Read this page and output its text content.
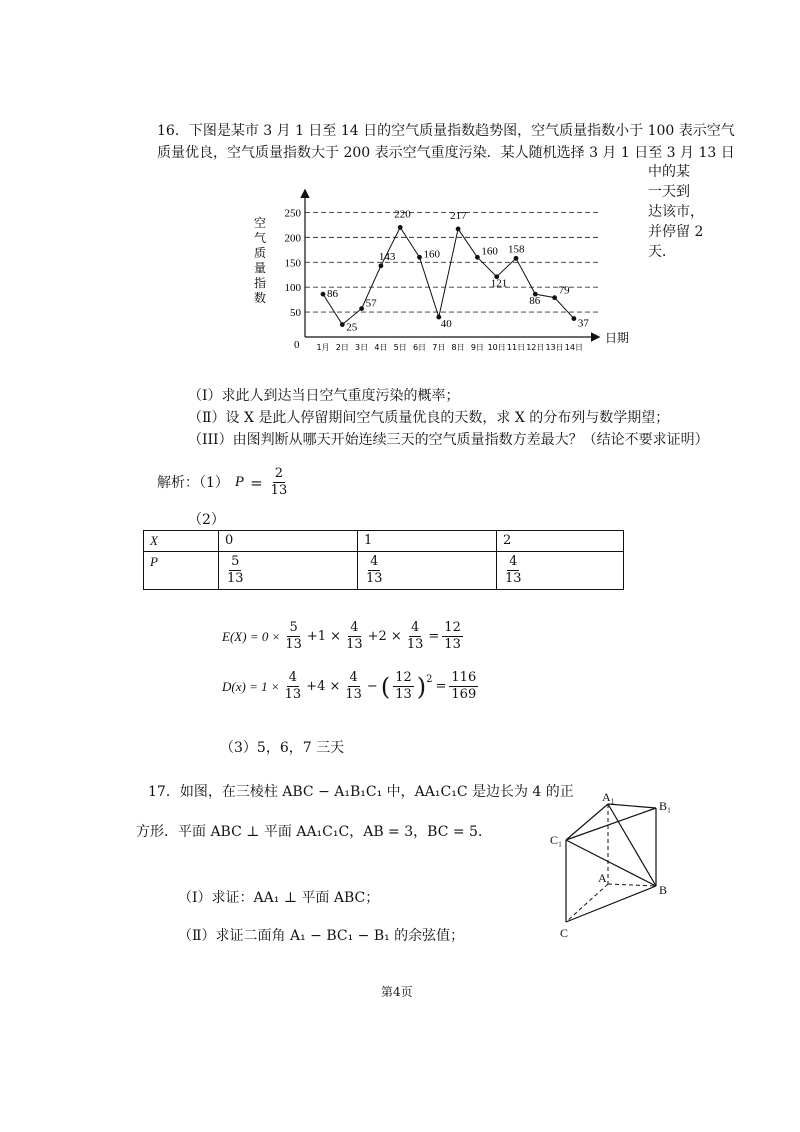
16．下图是某市 3 月 1 日至 14 日的空气质量指数趋势图，空气质量指数小于 100 表示空气
质量优良，空气质量指数大于 200 表示空气重度污染．某人随机选择 3 月 1 日至 3 月 13 日
中的某
一天到
达该市，
并停留 2
天．
50
100
150
200
250
86
25
57
143
220
160
40
217
160
121
158
86
79
37
1月 2日 3日 4日 5日 6日 7日 8日 9日 10日 11日 12日 13日 14日
0	日期
空
气
质
量
指
数
（Ⅰ）求此人到达当日空气重度污染的概率；
（Ⅱ）设 X 是此人停留期间空气质量优良的天数，求 X 的分布列与数学期望；
（III）由图判断从哪天开始连续三天的空气质量指数方差最大？（结论不要求证明）
解析：（1） $P = \frac{2}{13}$
（2）
X	0	1	2
P	$\frac{5}{13}$	$\frac{4}{13}$	$\frac{4}{13}$
$E(X) = 0 \times \frac{5}{13} +1 \times \frac{4}{13} +2 \times \frac{4}{13} = \frac{12}{13}$
$D(x) = 1 \times \frac{4}{13} +4 \times \frac{4}{13}$ − ( $\frac{12}{13} )^2 = \frac{116}{169}$
（3）5，6，7 三天
17．如图，在三棱柱 ABC − A₁B₁C₁ 中，AA₁C₁C 是边长为 4 的正
方形．平面 ABC ⊥ 平面 AA₁C₁C，AB = 3，BC = 5．
（Ⅰ）求证：AA₁ ⊥ 平面 ABC；
（Ⅱ）求证二面角 A₁ − BC₁ − B₁ 的余弦值；
A₁
B₁
C₁
A
B
C
第4页
